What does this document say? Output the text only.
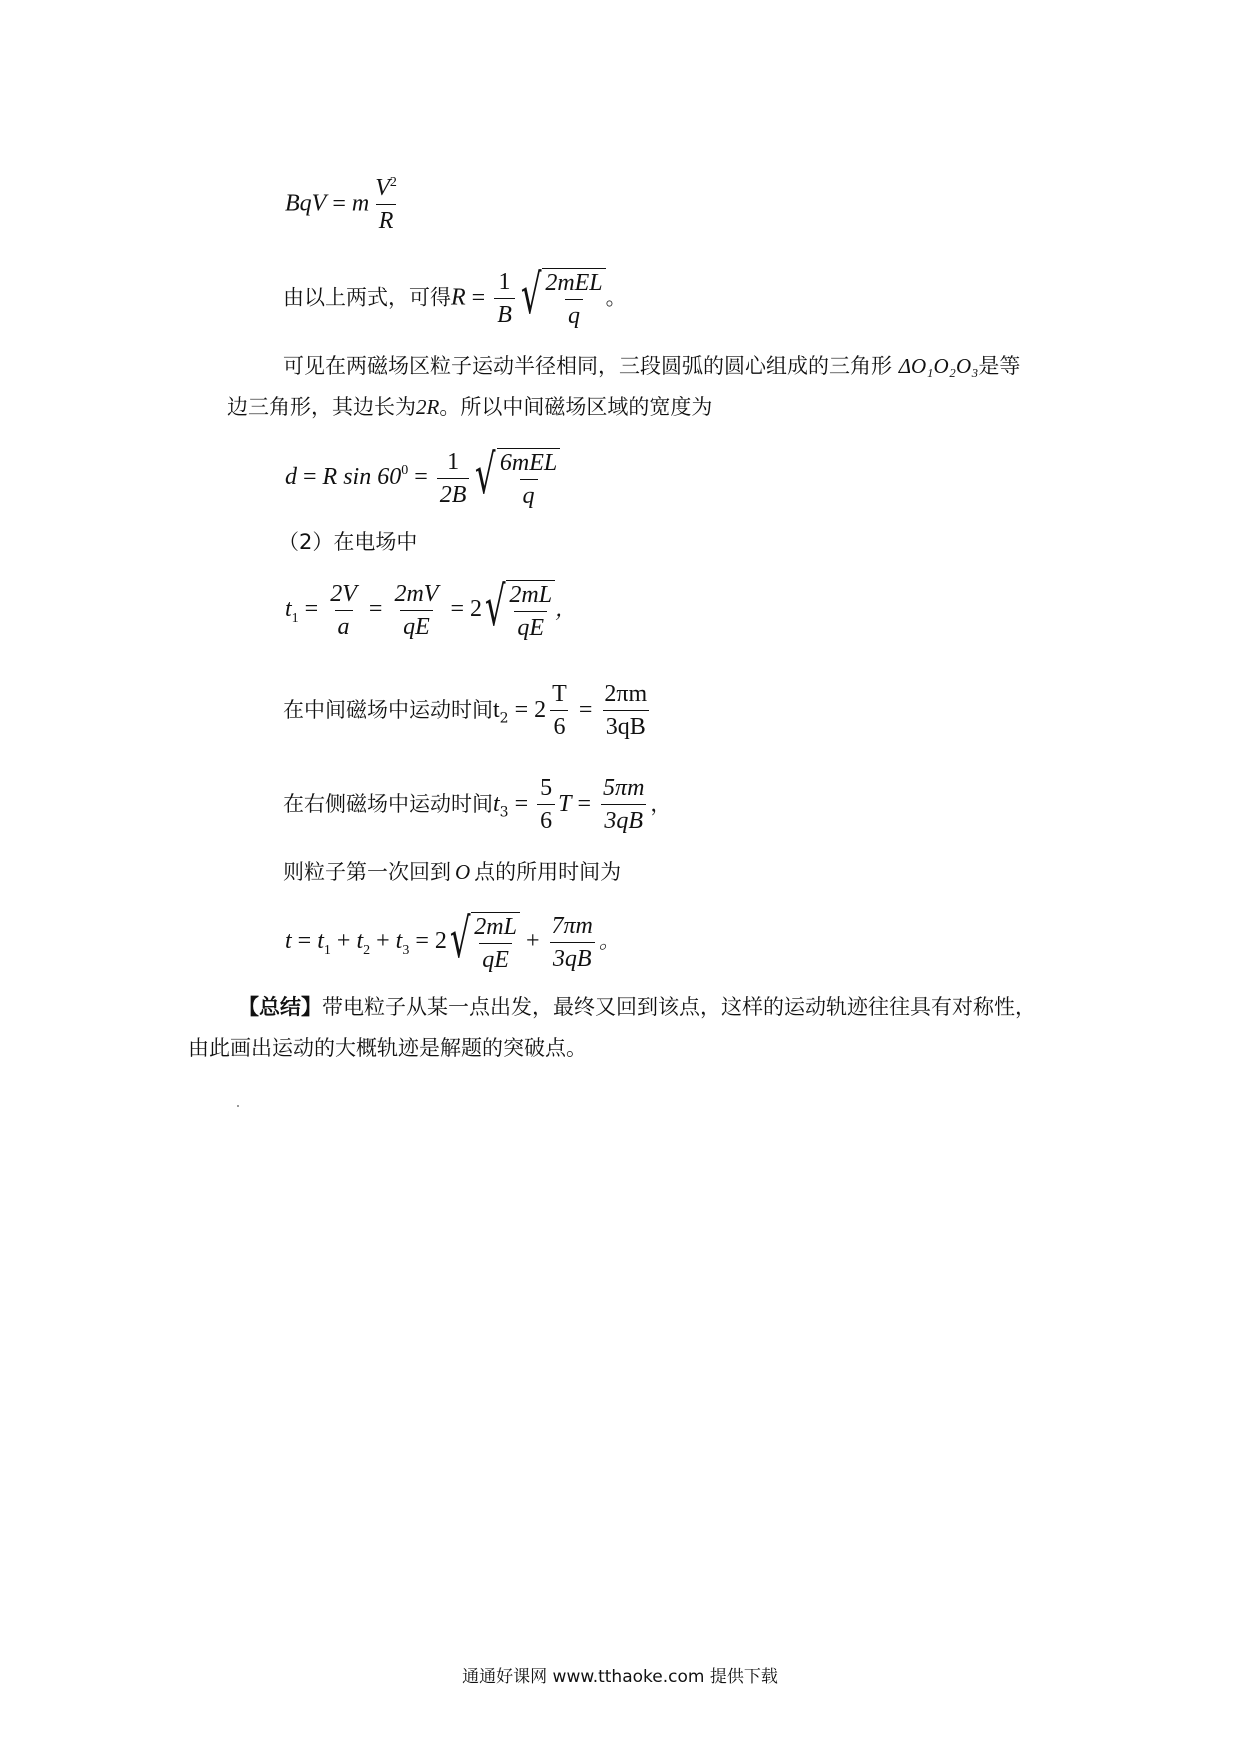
BqV = m $\frac{V^2}{R}$
由以上两式，可得$R = \frac{1}{B}$ √ $\frac{\text{2mEL}}{q}$ 。
可见在两磁场区粒子运动半径相同，三段圆弧的圆心组成的三角形 ΔO₁O₂O₃是等
边三角形，其边长为2R。所以中间磁场区域的宽度为
d = R $\sin 60^0 = \frac{1}{2B}$ √ $\frac{\text{6mEL}}{q}$
（2）在电场中
$t_1 = \frac{2V}{a} = \frac{2mV}{qE} = 2$ √ $\frac{2mL}{qE}$ ，
在中间磁场中运动时间$t_2 = 2 \frac{T}{6} = \frac{2\pi m}{3qB}$
在右侧磁场中运动时间$t_3 = \frac{5}{6}$ $T = \frac{5\pi m}{3qB}$ ，
则粒子第一次回到 O 点的所用时间为
$t = t_1 + t_2 + t_3 = 2$ √ $\frac{2mL}{qE} + \frac{7\pi m}{3qB}$ 。
【总结】带电粒子从某一点出发，最终又回到该点，这样的运动轨迹往往具有对称性，
由此画出运动的大概轨迹是解题的突破点。
通通好课网 www.tthaoke.com 提供下载
